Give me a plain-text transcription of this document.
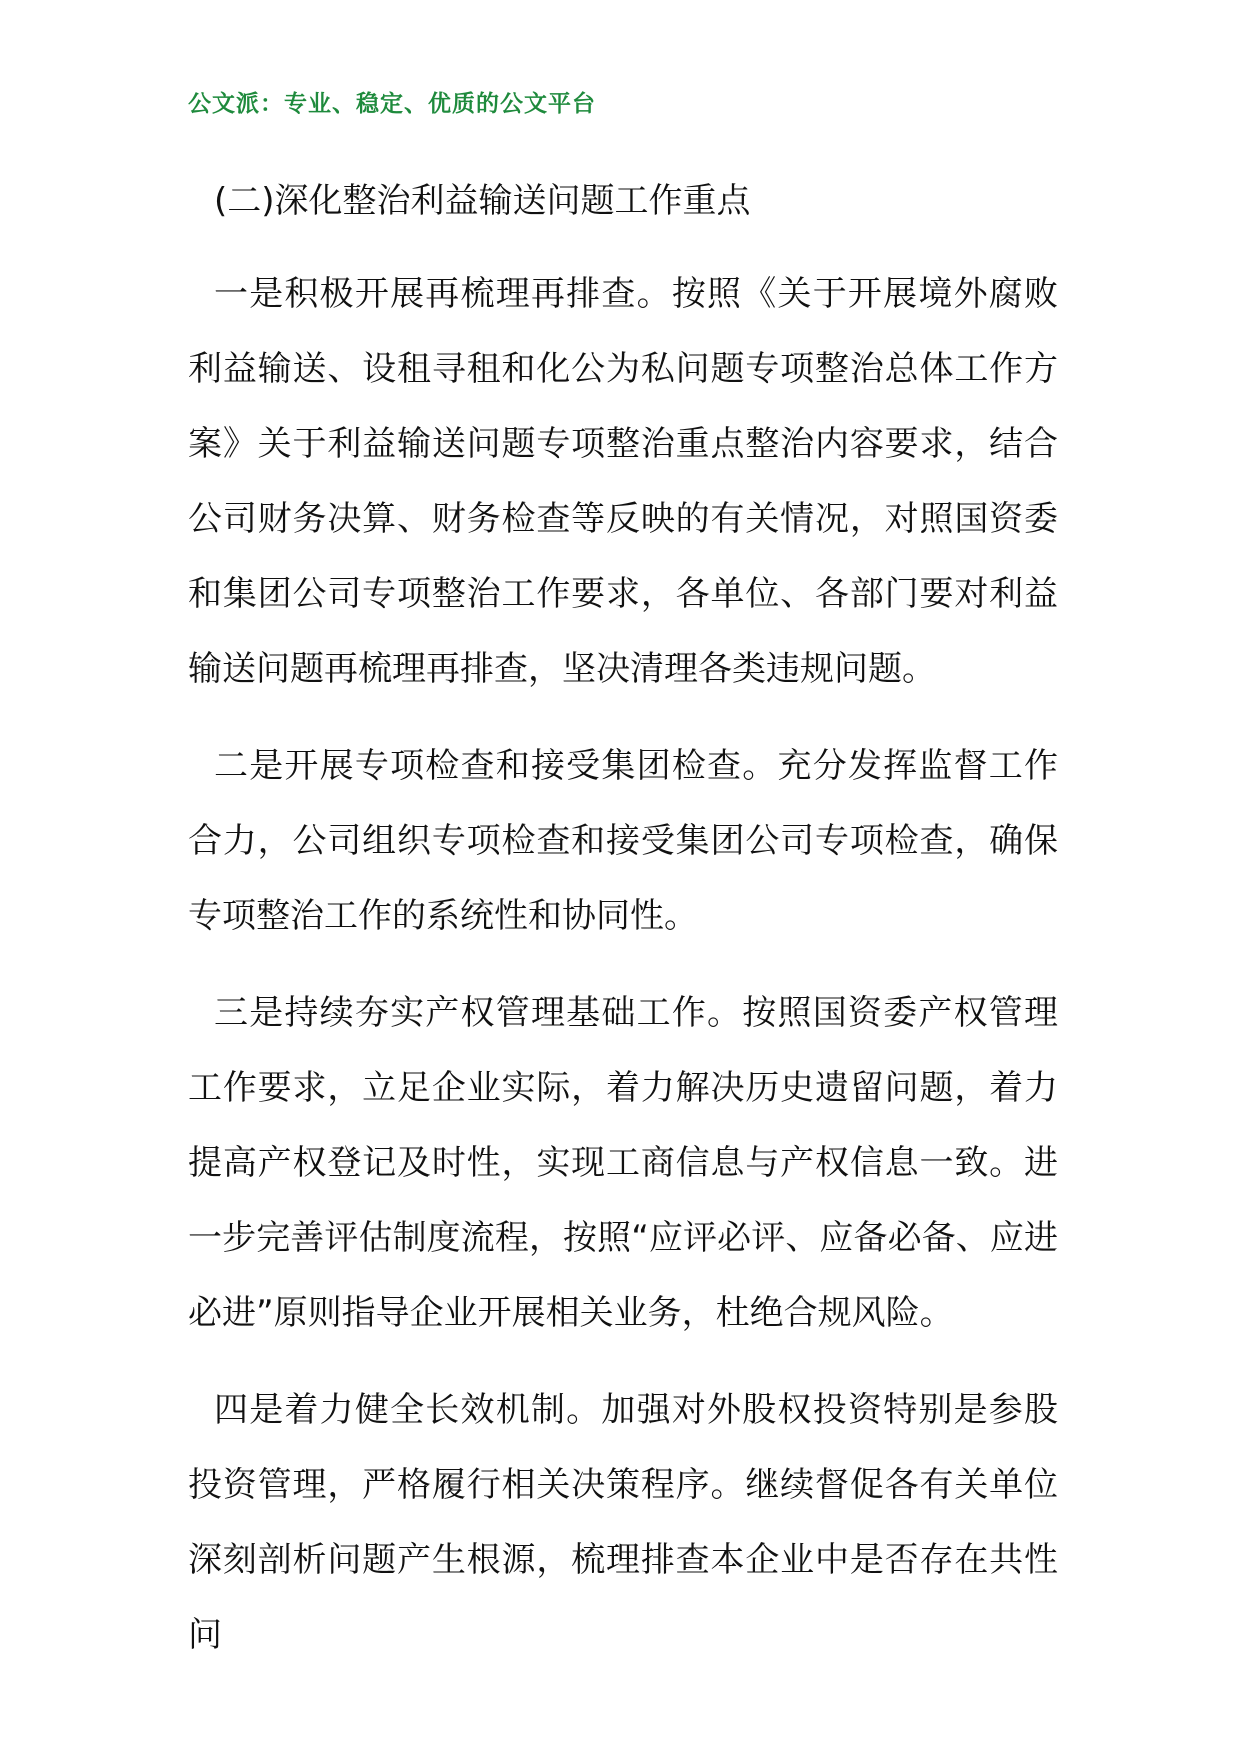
公文派：专业、稳定、优质的公文平台

(二)深化整治利益输送问题工作重点

一是积极开展再梳理再排查。按照《关于开展境外腐败利益输送、设租寻租和化公为私问题专项整治总体工作方案》关于利益输送问题专项整治重点整治内容要求，结合公司财务决算、财务检查等反映的有关情况，对照国资委和集团公司专项整治工作要求，各单位、各部门要对利益输送问题再梳理再排查，坚决清理各类违规问题。

二是开展专项检查和接受集团检查。充分发挥监督工作合力，公司组织专项检查和接受集团公司专项检查，确保专项整治工作的系统性和协同性。

三是持续夯实产权管理基础工作。按照国资委产权管理工作要求，立足企业实际，着力解决历史遗留问题，着力提高产权登记及时性，实现工商信息与产权信息一致。进一步完善评估制度流程，按照“应评必评、应备必备、应进必进”原则指导企业开展相关业务，杜绝合规风险。

四是着力健全长效机制。加强对外股权投资特别是参股投资管理，严格履行相关决策程序。继续督促各有关单位深刻剖析问题产生根源，梳理排查本企业中是否存在共性问
